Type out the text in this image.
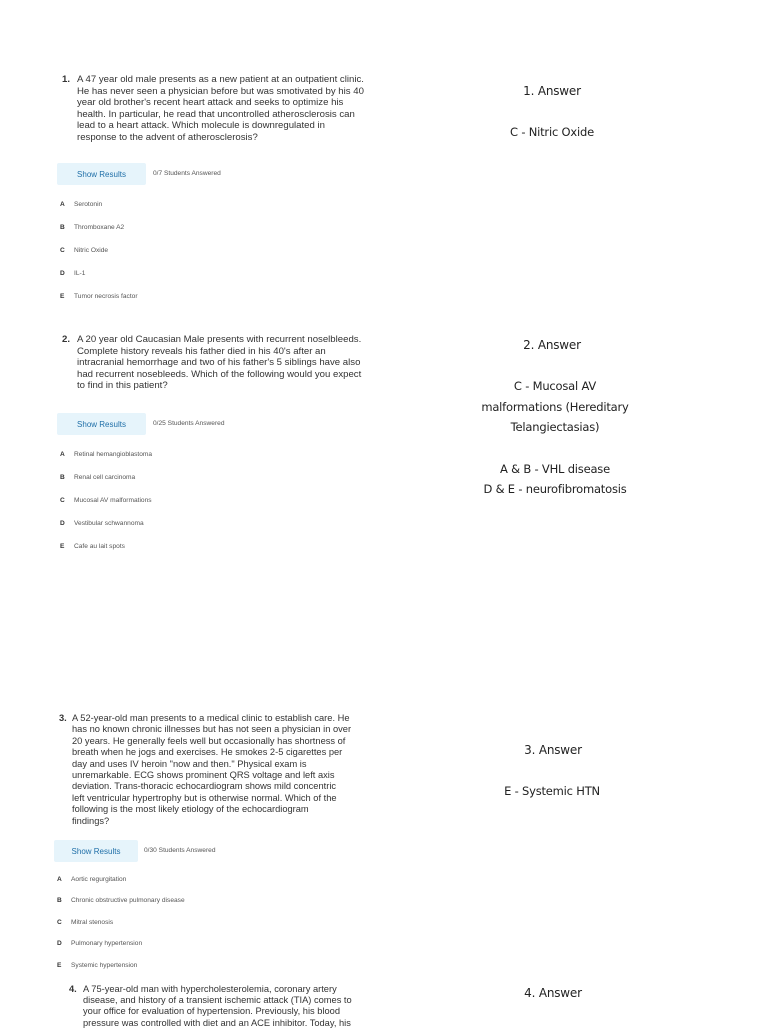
1. A 47 year old male presents as a new patient at an outpatient clinic.
He has never seen a physician before but was smotivated by his 40
year old brother's recent heart attack and seeks to optimize his
health. In particular, he read that uncontrolled atherosclerosis can
lead to a heart attack. Which molecule is downregulated in
response to the advent of atherosclerosis?
Show Results	0/7 Students Answered
A	Serotonin
B	Thromboxane A2
C	Nitric Oxide
D	IL-1
E	Tumor necrosis factor
2. A 20 year old Caucasian Male presents with recurrent noselbleeds.
Complete history reveals his father died in his 40's after an
intracranial hemorrhage and two of his father's 5 siblings have also
had recurrent nosebleeds. Which of the following would you expect
to find in this patient?
Show Results	0/25 Students Answered
A	Retinal hemangioblastoma
B	Renal cell carcinoma
C	Mucosal AV malformations
D	Vestibular schwannoma
E	Cafe au lait spots
3. A 52-year-old man presents to a medical clinic to establish care. He
has no known chronic illnesses but has not seen a physician in over
20 years. He generally feels well but occasionally has shortness of
breath when he jogs and exercises. He smokes 2-5 cigarettes per
day and uses IV heroin "now and then." Physical exam is
unremarkable. ECG shows prominent QRS voltage and left axis
deviation. Trans-thoracic echocardiogram shows mild concentric
left ventricular hypertrophy but is otherwise normal. Which of the
following is the most likely etiology of the echocardiogram
findings?
Show Results	0/30 Students Answered
A	Aortic regurgitation
B	Chronic obstructive pulmonary disease
C	Mitral stenosis
D	Pulmonary hypertension
E	Systemic hypertension
4. A 75-year-old man with hypercholesterolemia, coronary artery
disease, and history of a transient ischemic attack (TIA) comes to
your office for evaluation of hypertension. Previously, his blood
pressure was controlled with diet and an ACE inhibitor. Today, his
1. Answer
C - Nitric Oxide
2. Answer
C - Mucosal AV
malformations (Hereditary
Telangiectasias)
A & B - VHL disease
D & E - neurofibromatosis
3. Answer
E - Systemic HTN
4. Answer
